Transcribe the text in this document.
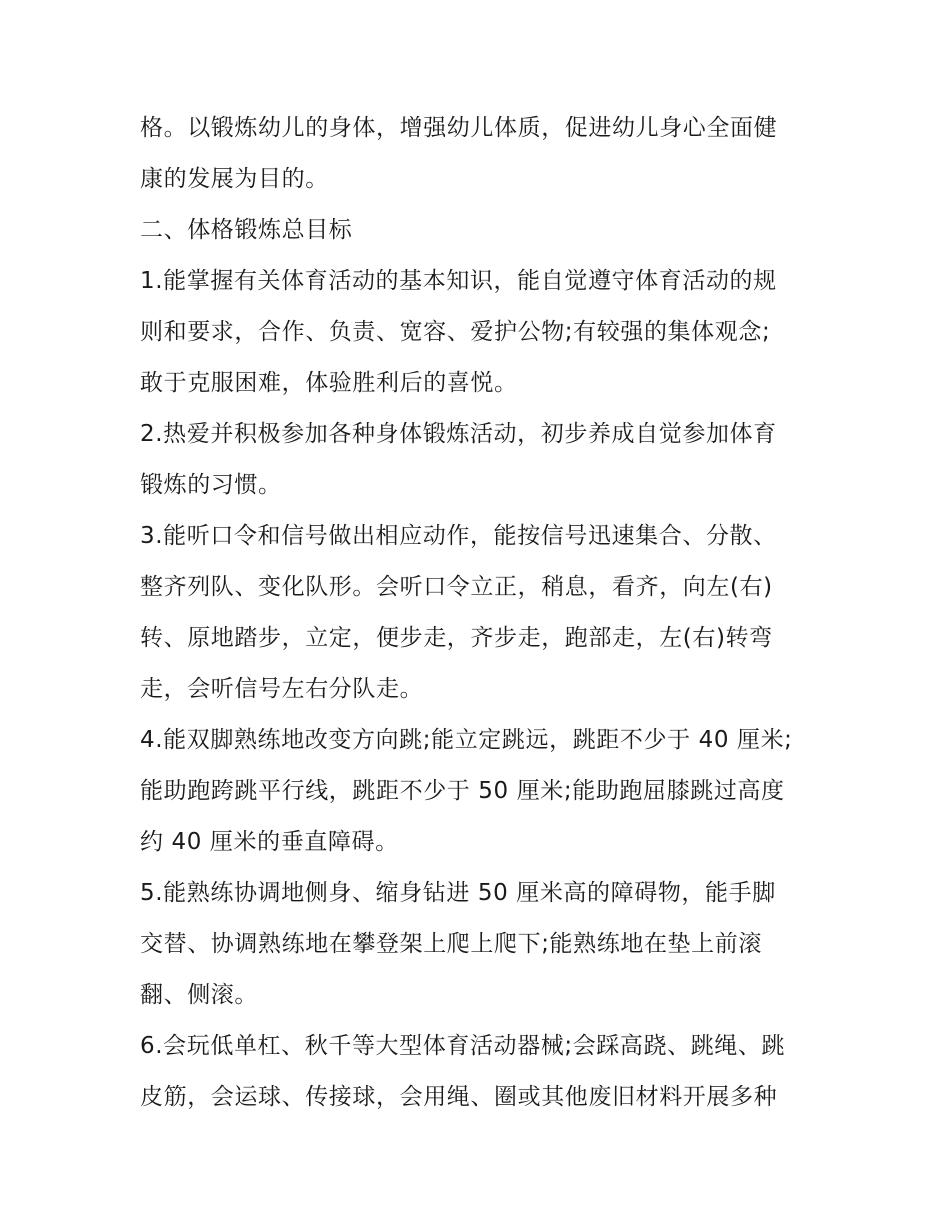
格。以锻炼幼儿的身体，增强幼儿体质，促进幼儿身心全面健
康的发展为目的。

二、体格锻炼总目标

1.能掌握有关体育活动的基本知识，能自觉遵守体育活动的规
则和要求，合作、负责、宽容、爱护公物;有较强的集体观念;
敢于克服困难，体验胜利后的喜悦。

2.热爱并积极参加各种身体锻炼活动，初步养成自觉参加体育
锻炼的习惯。

3.能听口令和信号做出相应动作，能按信号迅速集合、分散、
整齐列队、变化队形。会听口令立正，稍息，看齐，向左(右)
转、原地踏步，立定，便步走，齐步走，跑部走，左(右)转弯
走，会听信号左右分队走。

4.能双脚熟练地改变方向跳;能立定跳远，跳距不少于 40 厘米;
能助跑跨跳平行线，跳距不少于 50 厘米;能助跑屈膝跳过高度
约 40 厘米的垂直障碍。

5.能熟练协调地侧身、缩身钻进 50 厘米高的障碍物，能手脚
交替、协调熟练地在攀登架上爬上爬下;能熟练地在垫上前滚
翻、侧滚。

6.会玩低单杠、秋千等大型体育活动器械;会踩高跷、跳绳、跳
皮筋，会运球、传接球，会用绳、圈或其他废旧材料开展多种
